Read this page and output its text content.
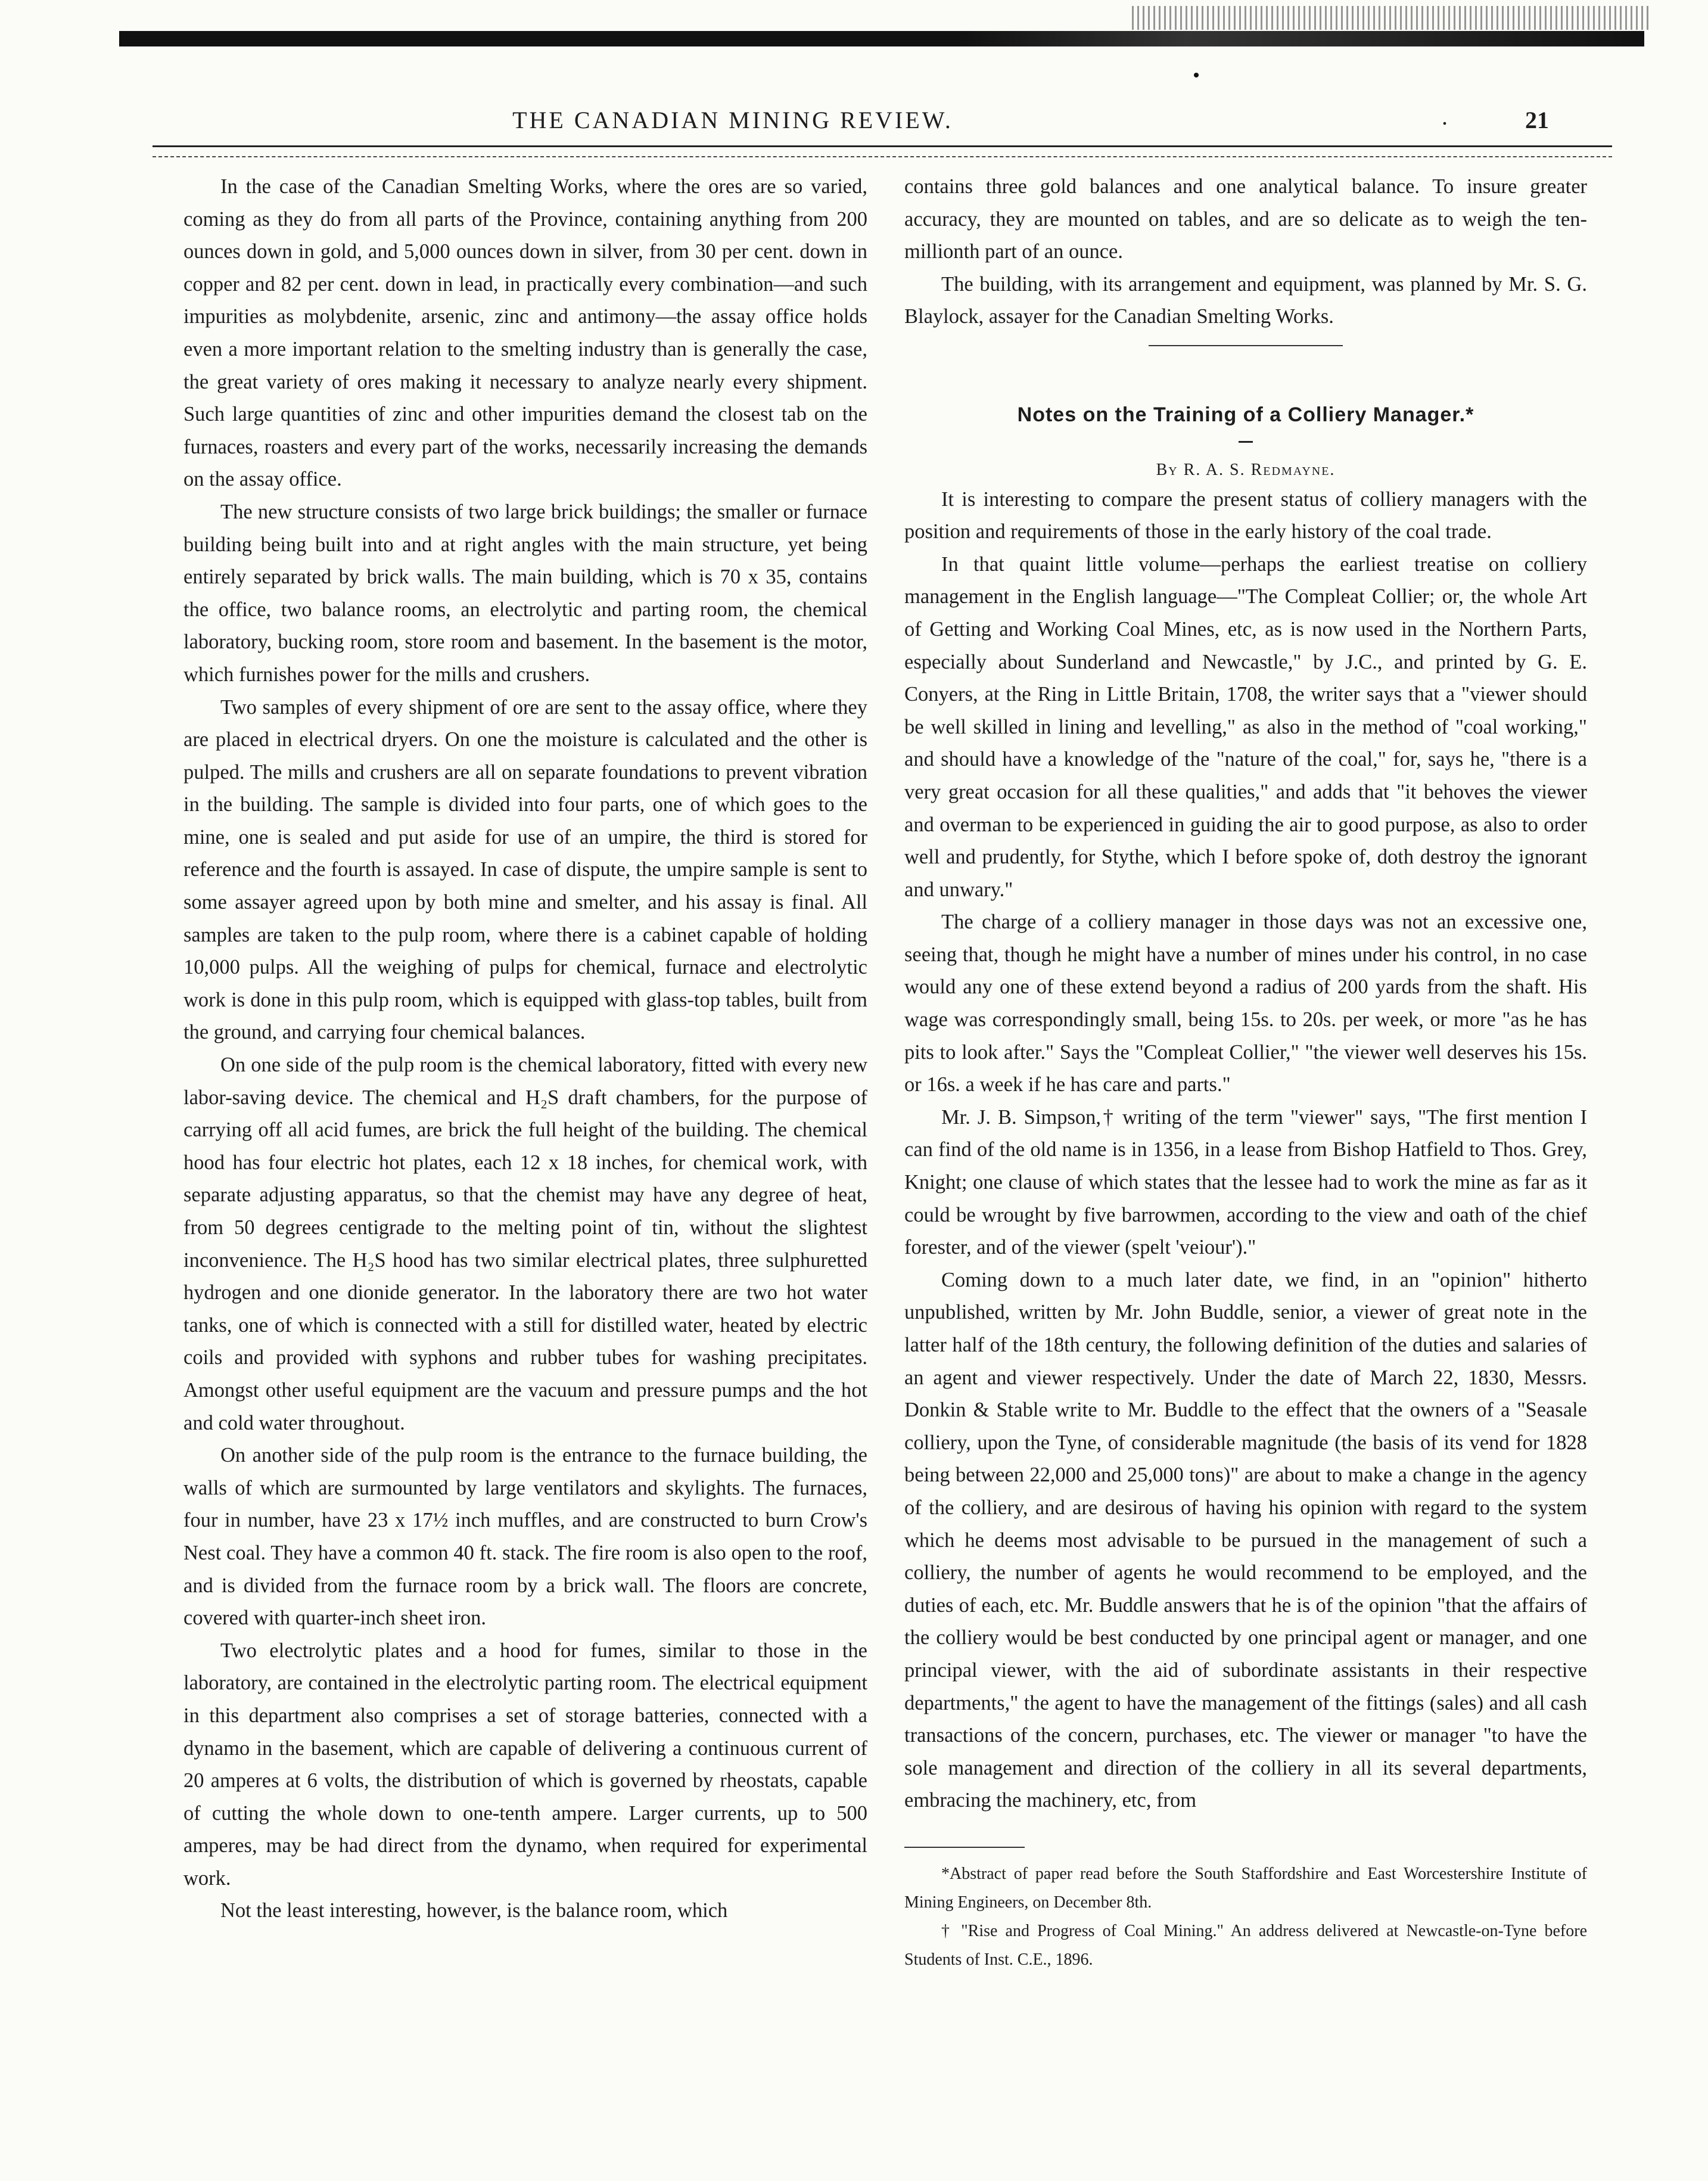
THE CANADIAN MINING REVIEW.	.	21

In the case of the Canadian Smelting Works, where the ores are so varied, coming as they do from all parts of the Province, containing anything from 200 ounces down in gold, and 5,000 ounces down in silver, from 30 per cent. down in copper and 82 per cent. down in lead, in practically every combination—and such impurities as molybdenite, arsenic, zinc and antimony—the assay office holds even a more important relation to the smelting industry than is generally the case, the great variety of ores making it necessary to analyze nearly every shipment. Such large quantities of zinc and other impurities demand the closest tab on the furnaces, roasters and every part of the works, necessarily increasing the demands on the assay office.

The new structure consists of two large brick buildings; the smaller or furnace building being built into and at right angles with the main structure, yet being entirely separated by brick walls. The main building, which is 70 x 35, contains the office, two balance rooms, an electrolytic and parting room, the chemical laboratory, bucking room, store room and basement. In the basement is the motor, which furnishes power for the mills and crushers.

Two samples of every shipment of ore are sent to the assay office, where they are placed in electrical dryers. On one the moisture is calculated and the other is pulped. The mills and crushers are all on separate foundations to prevent vibration in the building. The sample is divided into four parts, one of which goes to the mine, one is sealed and put aside for use of an umpire, the third is stored for reference and the fourth is assayed. In case of dispute, the umpire sample is sent to some assayer agreed upon by both mine and smelter, and his assay is final. All samples are taken to the pulp room, where there is a cabinet capable of holding 10,000 pulps. All the weighing of pulps for chemical, furnace and electrolytic work is done in this pulp room, which is equipped with glass-top tables, built from the ground, and carrying four chemical balances.

On one side of the pulp room is the chemical laboratory, fitted with every new labor-saving device. The chemical and H₂S draft chambers, for the purpose of carrying off all acid fumes, are brick the full height of the building. The chemical hood has four electric hot plates, each 12 x 18 inches, for chemical work, with separate adjusting apparatus, so that the chemist may have any degree of heat, from 50 degrees centigrade to the melting point of tin, without the slightest inconvenience. The H₂S hood has two similar electrical plates, three sulphuretted hydrogen and one dionide generator. In the laboratory there are two hot water tanks, one of which is connected with a still for distilled water, heated by electric coils and provided with syphons and rubber tubes for washing precipitates. Amongst other useful equipment are the vacuum and pressure pumps and the hot and cold water throughout.

On another side of the pulp room is the entrance to the furnace building, the walls of which are surmounted by large ventilators and skylights. The furnaces, four in number, have 23 x 17½ inch muffles, and are constructed to burn Crow's Nest coal. They have a common 40 ft. stack. The fire room is also open to the roof, and is divided from the furnace room by a brick wall. The floors are concrete, covered with quarter-inch sheet iron.

Two electrolytic plates and a hood for fumes, similar to those in the laboratory, are contained in the electrolytic parting room. The electrical equipment in this department also comprises a set of storage batteries, connected with a dynamo in the basement, which are capable of delivering a continuous current of 20 amperes at 6 volts, the distribution of which is governed by rheostats, capable of cutting the whole down to one-tenth ampere. Larger currents, up to 500 amperes, may be had direct from the dynamo, when required for experimental work.

Not the least interesting, however, is the balance room, which

contains three gold balances and one analytical balance. To insure greater accuracy, they are mounted on tables, and are so delicate as to weigh the ten-millionth part of an ounce.

The building, with its arrangement and equipment, was planned by Mr. S. G. Blaylock, assayer for the Canadian Smelting Works.

Notes on the Training of a Colliery Manager.*
By R. A. S. Redmayne.

It is interesting to compare the present status of colliery managers with the position and requirements of those in the early history of the coal trade.

In that quaint little volume—perhaps the earliest treatise on colliery management in the English language—"The Compleat Collier; or, the whole Art of Getting and Working Coal Mines, etc, as is now used in the Northern Parts, especially about Sunderland and Newcastle," by J.C., and printed by G. E. Conyers, at the Ring in Little Britain, 1708, the writer says that a "viewer should be well skilled in lining and levelling," as also in the method of "coal working," and should have a knowledge of the "nature of the coal," for, says he, "there is a very great occasion for all these qualities," and adds that "it behoves the viewer and overman to be experienced in guiding the air to good purpose, as also to order well and prudently, for Stythe, which I before spoke of, doth destroy the ignorant and unwary."

The charge of a colliery manager in those days was not an excessive one, seeing that, though he might have a number of mines under his control, in no case would any one of these extend beyond a radius of 200 yards from the shaft. His wage was correspondingly small, being 15s. to 20s. per week, or more "as he has pits to look after." Says the "Compleat Collier," "the viewer well deserves his 15s. or 16s. a week if he has care and parts."

Mr. J. B. Simpson,† writing of the term "viewer" says, "The first mention I can find of the old name is in 1356, in a lease from Bishop Hatfield to Thos. Grey, Knight; one clause of which states that the lessee had to work the mine as far as it could be wrought by five barrowmen, according to the view and oath of the chief forester, and of the viewer (spelt 'veiour')."

Coming down to a much later date, we find, in an "opinion" hitherto unpublished, written by Mr. John Buddle, senior, a viewer of great note in the latter half of the 18th century, the following definition of the duties and salaries of an agent and viewer respectively. Under the date of March 22, 1830, Messrs. Donkin & Stable write to Mr. Buddle to the effect that the owners of a "Seasale colliery, upon the Tyne, of considerable magnitude (the basis of its vend for 1828 being between 22,000 and 25,000 tons)" are about to make a change in the agency of the colliery, and are desirous of having his opinion with regard to the system which he deems most advisable to be pursued in the management of such a colliery, the number of agents he would recommend to be employed, and the duties of each, etc. Mr. Buddle answers that he is of the opinion "that the affairs of the colliery would be best conducted by one principal agent or manager, and one principal viewer, with the aid of subordinate assistants in their respective departments," the agent to have the management of the fittings (sales) and all cash transactions of the concern, purchases, etc. The viewer or manager "to have the sole management and direction of the colliery in all its several departments, embracing the machinery, etc, from

*Abstract of paper read before the South Staffordshire and East Worcestershire Institute of Mining Engineers, on December 8th.

† "Rise and Progress of Coal Mining." An address delivered at Newcastle-on-Tyne before Students of Inst. C.E., 1896.
